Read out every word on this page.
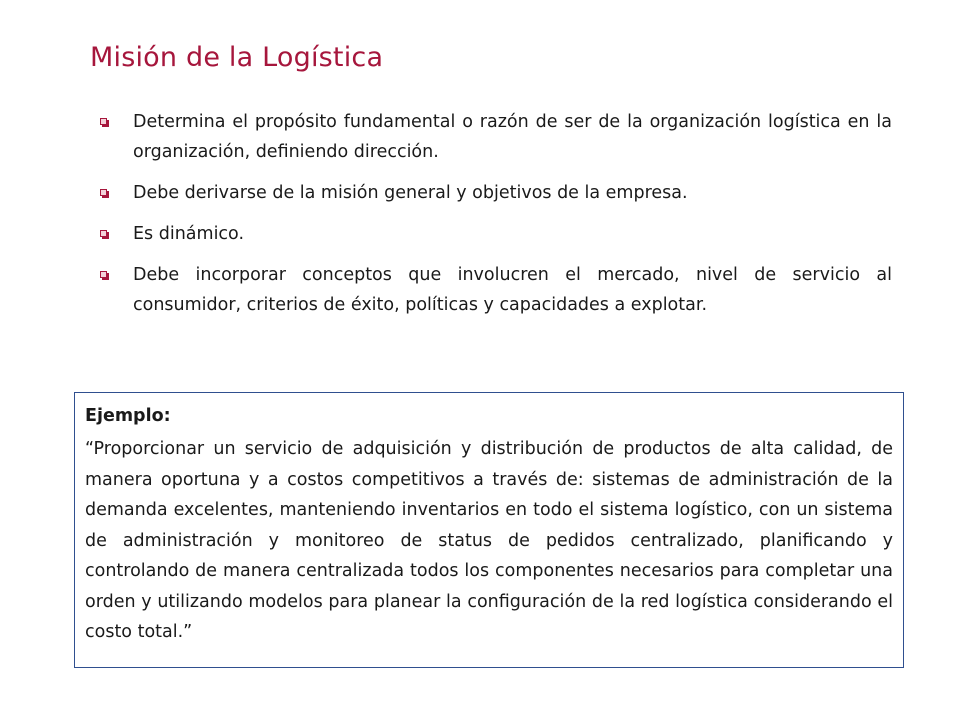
Misión de la Logística
Determina el propósito fundamental o razón de ser de la organización logística en la organización, definiendo dirección.
Debe derivarse de la misión general y objetivos de la empresa.
Es dinámico.
Debe incorporar conceptos que involucren el mercado, nivel de servicio al consumidor, criterios de éxito, políticas y capacidades a explotar.

Ejemplo:

“Proporcionar un servicio de adquisición y distribución de productos de alta calidad, de manera oportuna y a costos competitivos a través de: sistemas de administración de la demanda excelentes, manteniendo inventarios en todo el sistema logístico, con un sistema de administración y monitoreo de status de pedidos centralizado, planificando y controlando de manera centralizada todos los componentes necesarios para completar una orden y utilizando modelos para planear la configuración de la red logística considerando el costo total.”
